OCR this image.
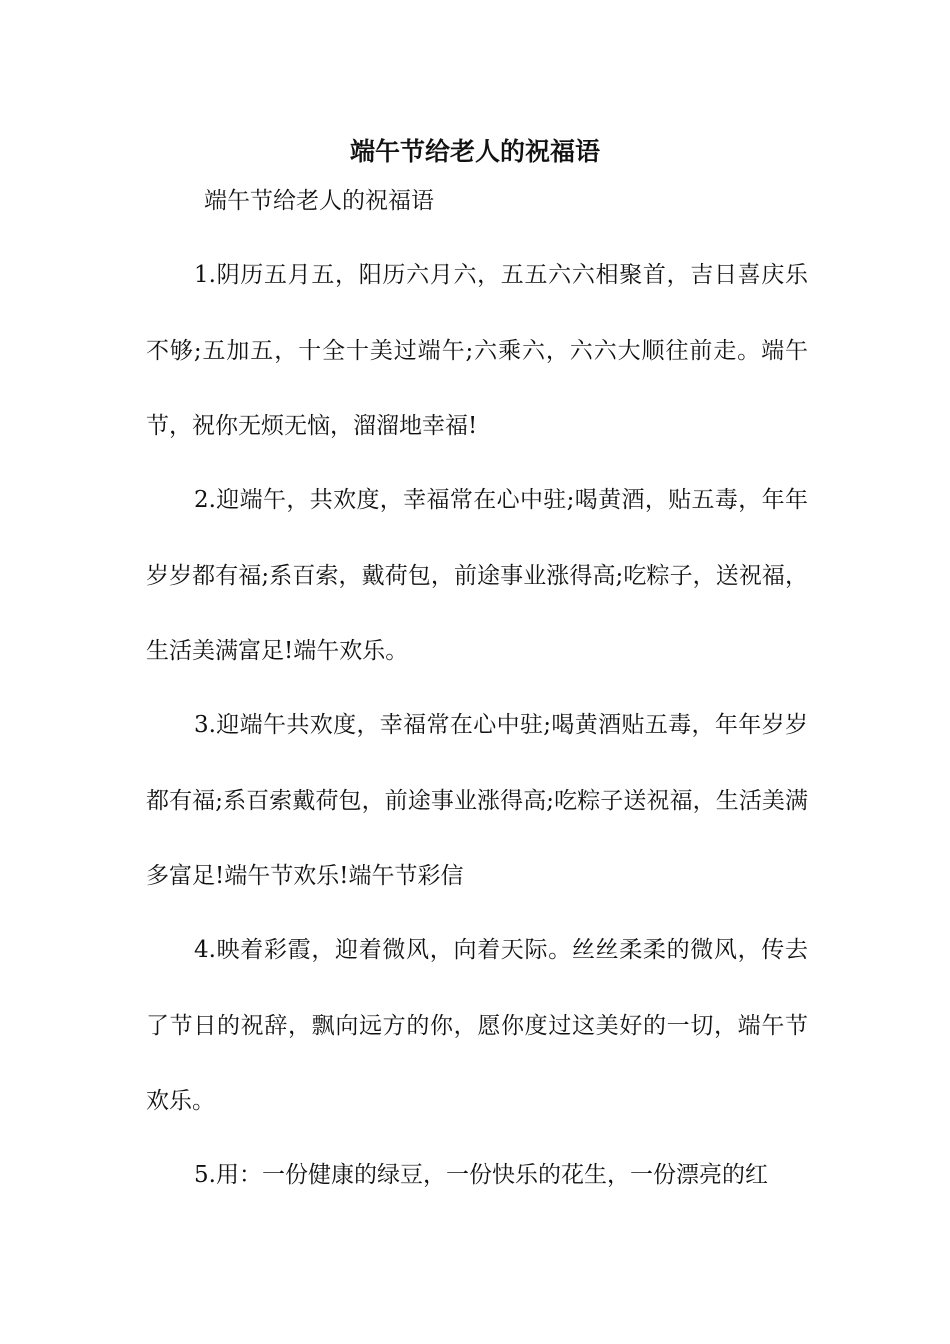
端午节给老人的祝福语
端午节给老人的祝福语
1.阴历五月五，阳历六月六，五五六六相聚首，吉日喜庆乐不够;五加五，十全十美过端午;六乘六，六六大顺往前走。端午节，祝你无烦无恼，溜溜地幸福!
2.迎端午，共欢度，幸福常在心中驻;喝黄酒，贴五毒，年年岁岁都有福;系百索，戴荷包，前途事业涨得高;吃粽子，送祝福，生活美满富足!端午欢乐。
3.迎端午共欢度，幸福常在心中驻;喝黄酒贴五毒，年年岁岁都有福;系百索戴荷包，前途事业涨得高;吃粽子送祝福，生活美满多富足!端午节欢乐!端午节彩信
4.映着彩霞，迎着微风，向着天际。丝丝柔柔的微风，传去了节日的祝辞，飘向远方的你，愿你度过这美好的一切，端午节欢乐。
5.用：一份健康的绿豆，一份快乐的花生，一份漂亮的红
